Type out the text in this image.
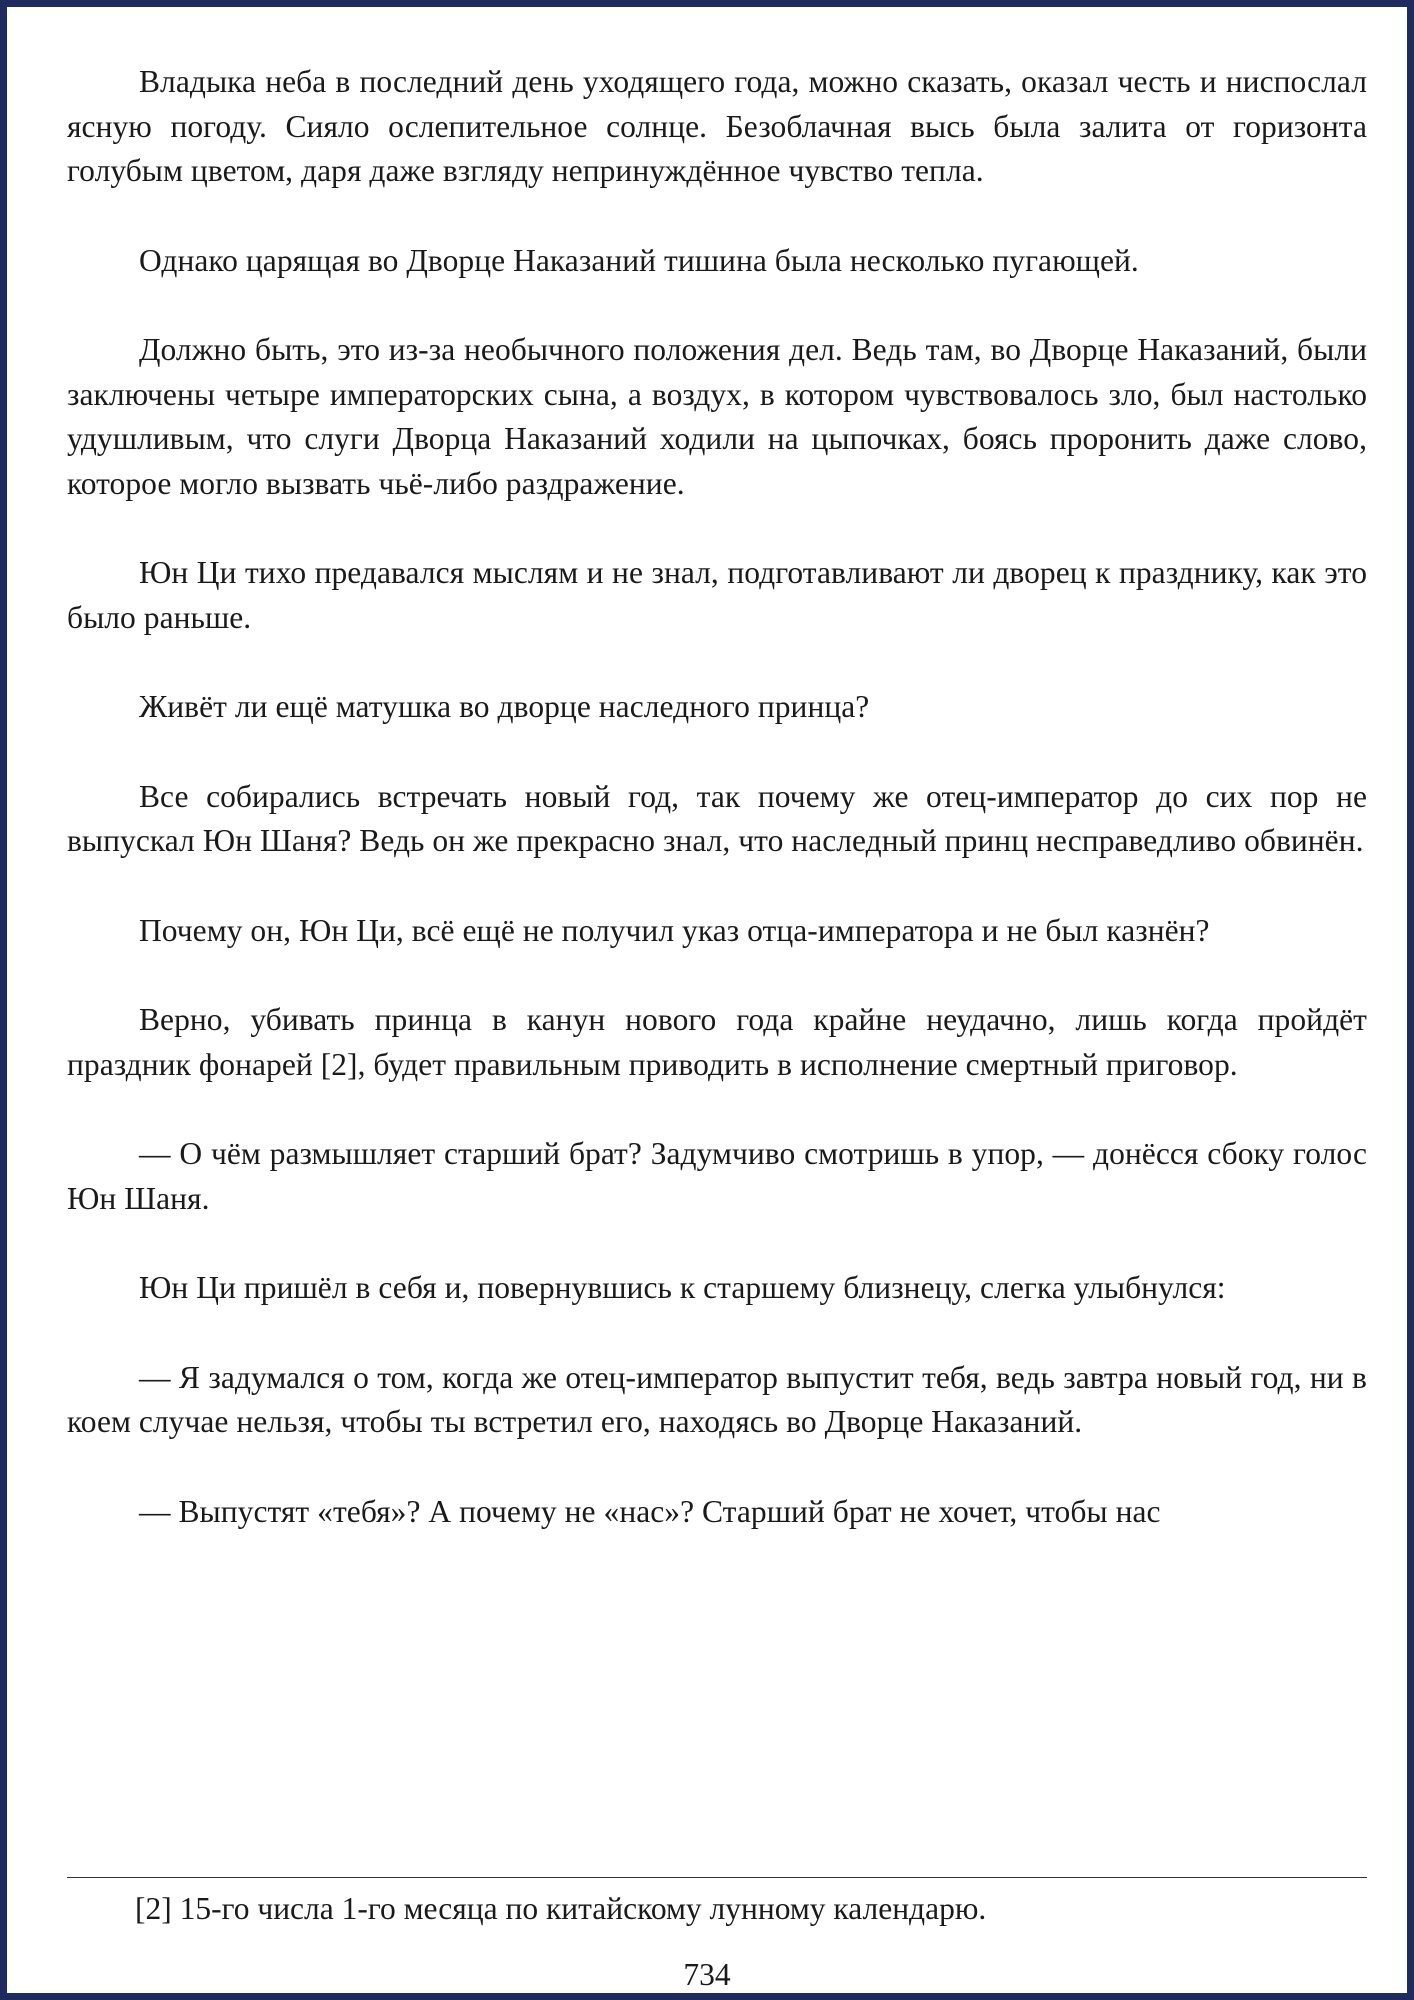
Владыка неба в последний день уходящего года, можно сказать, оказал честь и ниспослал ясную погоду. Сияло ослепительное солнце. Безоблачная высь была залита от горизонта голубым цветом, даря даже взгляду непринуждённое чувство тепла.

Однако царящая во Дворце Наказаний тишина была несколько пугающей.

Должно быть, это из-за необычного положения дел. Ведь там, во Дворце Наказаний, были заключены четыре императорских сына, а воздух, в котором чувствовалось зло, был настолько удушливым, что слуги Дворца Наказаний ходили на цыпочках, боясь проронить даже слово, которое могло вызвать чьё-либо раздражение.

Юн Ци тихо предавался мыслям и не знал, подготавливают ли дворец к празднику, как это было раньше.

Живёт ли ещё матушка во дворце наследного принца?

Все собирались встречать новый год, так почему же отец-император до сих пор не выпускал Юн Шаня? Ведь он же прекрасно знал, что наследный принц несправедливо обвинён.

Почему он, Юн Ци, всё ещё не получил указ отца-императора и не был казнён?

Верно, убивать принца в канун нового года крайне неудачно, лишь когда пройдёт праздник фонарей [2], будет правильным приводить в исполнение смертный приговор.

— О чём размышляет старший брат? Задумчиво смотришь в упор, — донёсся сбоку голос Юн Шаня.

Юн Ци пришёл в себя и, повернувшись к старшему близнецу, слегка улыбнулся:

— Я задумался о том, когда же отец-император выпустит тебя, ведь завтра новый год, ни в коем случае нельзя, чтобы ты встретил его, находясь во Дворце Наказаний.

— Выпустят «тебя»? А почему не «нас»? Старший брат не хочет, чтобы нас

[2] 15-го числа 1-го месяца по китайскому лунному календарю.

734
